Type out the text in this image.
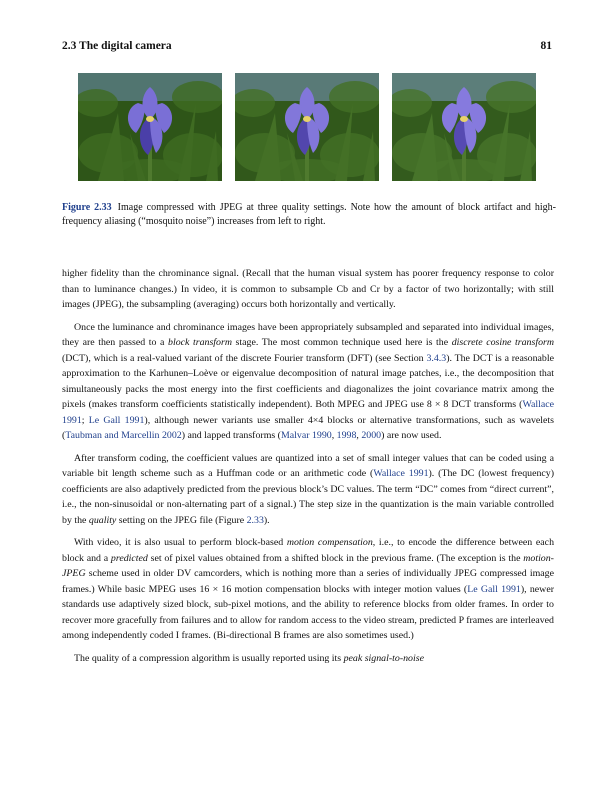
2.3 The digital camera	81
Figure 2.33 Image compressed with JPEG at three quality settings. Note how the amount of block artifact and high-frequency aliasing (“mosquito noise”) increases from left to right.

higher fidelity than the chrominance signal. (Recall that the human visual system has poorer frequency response to color than to luminance changes.) In video, it is common to subsample Cb and Cr by a factor of two horizontally; with still images (JPEG), the subsampling (averaging) occurs both horizontally and vertically.

Once the luminance and chrominance images have been appropriately subsampled and separated into individual images, they are then passed to a block transform stage. The most common technique used here is the discrete cosine transform (DCT), which is a real-valued variant of the discrete Fourier transform (DFT) (see Section 3.4.3). The DCT is a reasonable approximation to the Karhunen–Loève or eigenvalue decomposition of natural image patches, i.e., the decomposition that simultaneously packs the most energy into the first coefficients and diagonalizes the joint covariance matrix among the pixels (makes transform coefficients statistically independent). Both MPEG and JPEG use 8 × 8 DCT transforms (Wallace 1991; Le Gall 1991), although newer variants use smaller 4×4 blocks or alternative transformations, such as wavelets (Taubman and Marcellin 2002) and lapped transforms (Malvar 1990, 1998, 2000) are now used.

After transform coding, the coefficient values are quantized into a set of small integer values that can be coded using a variable bit length scheme such as a Huffman code or an arithmetic code (Wallace 1991). (The DC (lowest frequency) coefficients are also adaptively predicted from the previous block’s DC values. The term “DC” comes from “direct current”, i.e., the non-sinusoidal or non-alternating part of a signal.) The step size in the quantization is the main variable controlled by the quality setting on the JPEG file (Figure 2.33).

With video, it is also usual to perform block-based motion compensation, i.e., to encode the difference between each block and a predicted set of pixel values obtained from a shifted block in the previous frame. (The exception is the motion-JPEG scheme used in older DV camcorders, which is nothing more than a series of individually JPEG compressed image frames.) While basic MPEG uses 16 × 16 motion compensation blocks with integer motion values (Le Gall 1991), newer standards use adaptively sized block, sub-pixel motions, and the ability to reference blocks from older frames. In order to recover more gracefully from failures and to allow for random access to the video stream, predicted P frames are interleaved among independently coded I frames. (Bi-directional B frames are also sometimes used.)

The quality of a compression algorithm is usually reported using its peak signal-to-noise
